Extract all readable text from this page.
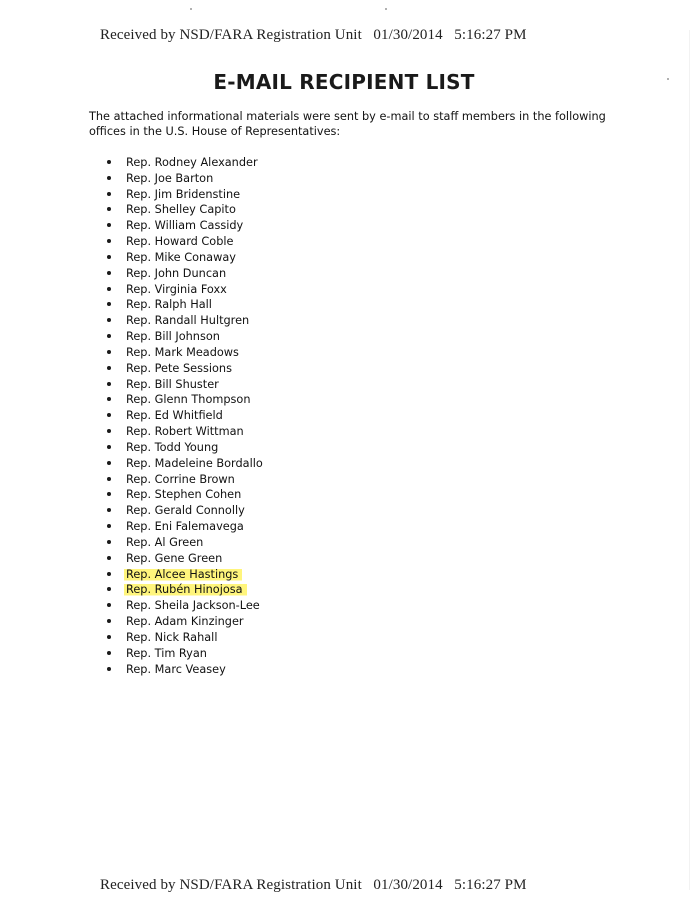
Received by NSD/FARA Registration Unit   01/30/2014   5:16:27 PM
E-MAIL RECIPIENT LIST
The attached informational materials were sent by e-mail to staff members in the following offices in the U.S. House of Representatives:
Rep. Rodney Alexander
Rep. Joe Barton
Rep. Jim Bridenstine
Rep. Shelley Capito
Rep. William Cassidy
Rep. Howard Coble
Rep. Mike Conaway
Rep. John Duncan
Rep. Virginia Foxx
Rep. Ralph Hall
Rep. Randall Hultgren
Rep. Bill Johnson
Rep. Mark Meadows
Rep. Pete Sessions
Rep. Bill Shuster
Rep. Glenn Thompson
Rep. Ed Whitfield
Rep. Robert Wittman
Rep. Todd Young
Rep. Madeleine Bordallo
Rep. Corrine Brown
Rep. Stephen Cohen
Rep. Gerald Connolly
Rep. Eni Falemavega
Rep. Al Green
Rep. Gene Green
Rep. Alcee Hastings
Rep. Rubén Hinojosa
Rep. Sheila Jackson-Lee
Rep. Adam Kinzinger
Rep. Nick Rahall
Rep. Tim Ryan
Rep. Marc Veasey
Received by NSD/FARA Registration Unit   01/30/2014   5:16:27 PM
